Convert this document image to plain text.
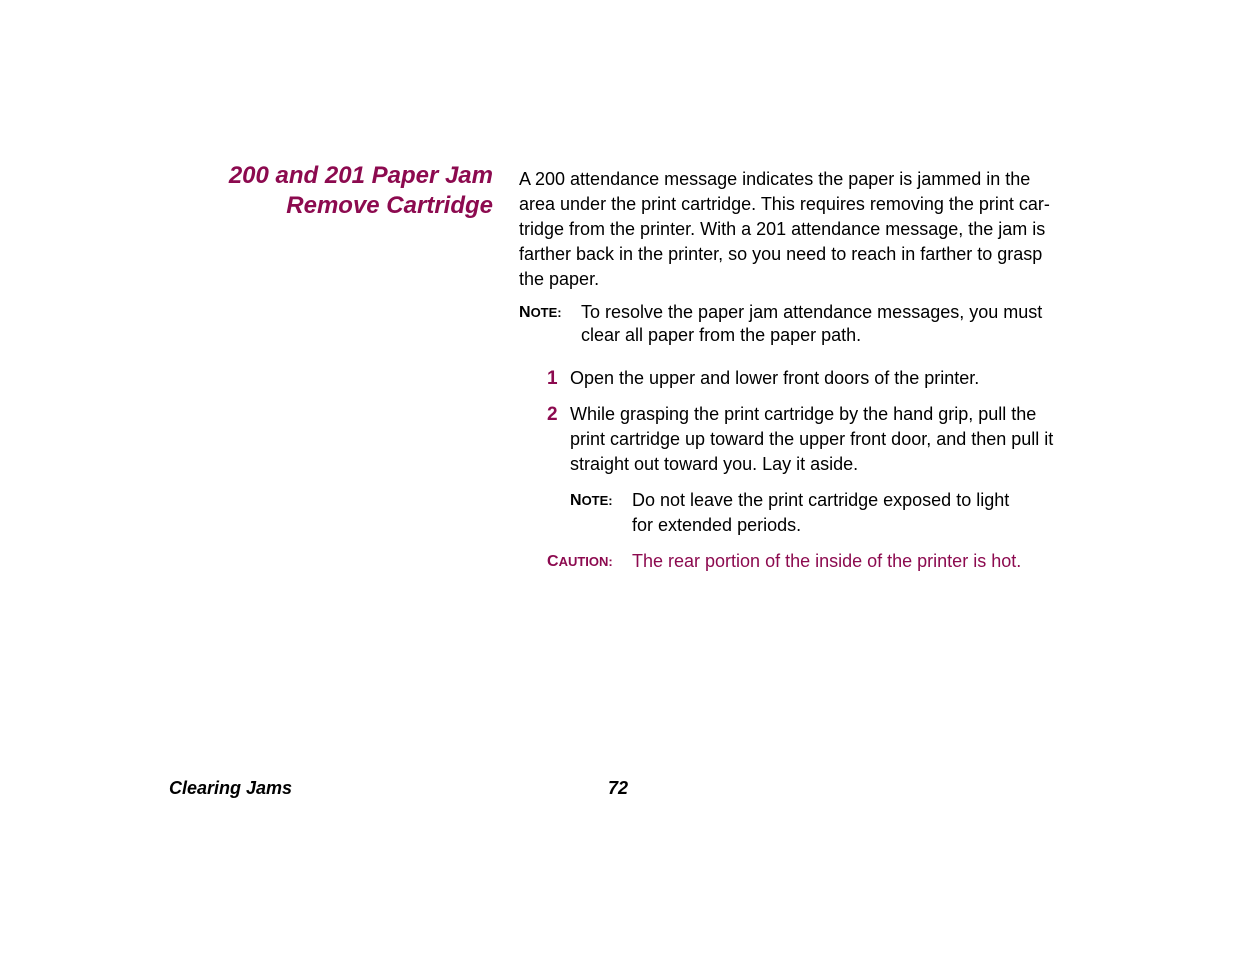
200 and 201 Paper Jam
Remove Cartridge

A 200 attendance message indicates the paper is jammed in the
area under the print cartridge. This requires removing the print car-
tridge from the printer. With a 201 attendance message, the jam is
farther back in the printer, so you need to reach in farther to grasp
the paper.

NOTE: To resolve the paper jam attendance messages, you must
clear all paper from the paper path.
1 Open the upper and lower front doors of the printer.
2 While grasping the print cartridge by the hand grip, pull the
print cartridge up toward the upper front door, and then pull it
straight out toward you. Lay it aside.
NOTE: Do not leave the print cartridge exposed to light
for extended periods.
CAUTION: The rear portion of the inside of the printer is hot.
Clearing Jams	72
